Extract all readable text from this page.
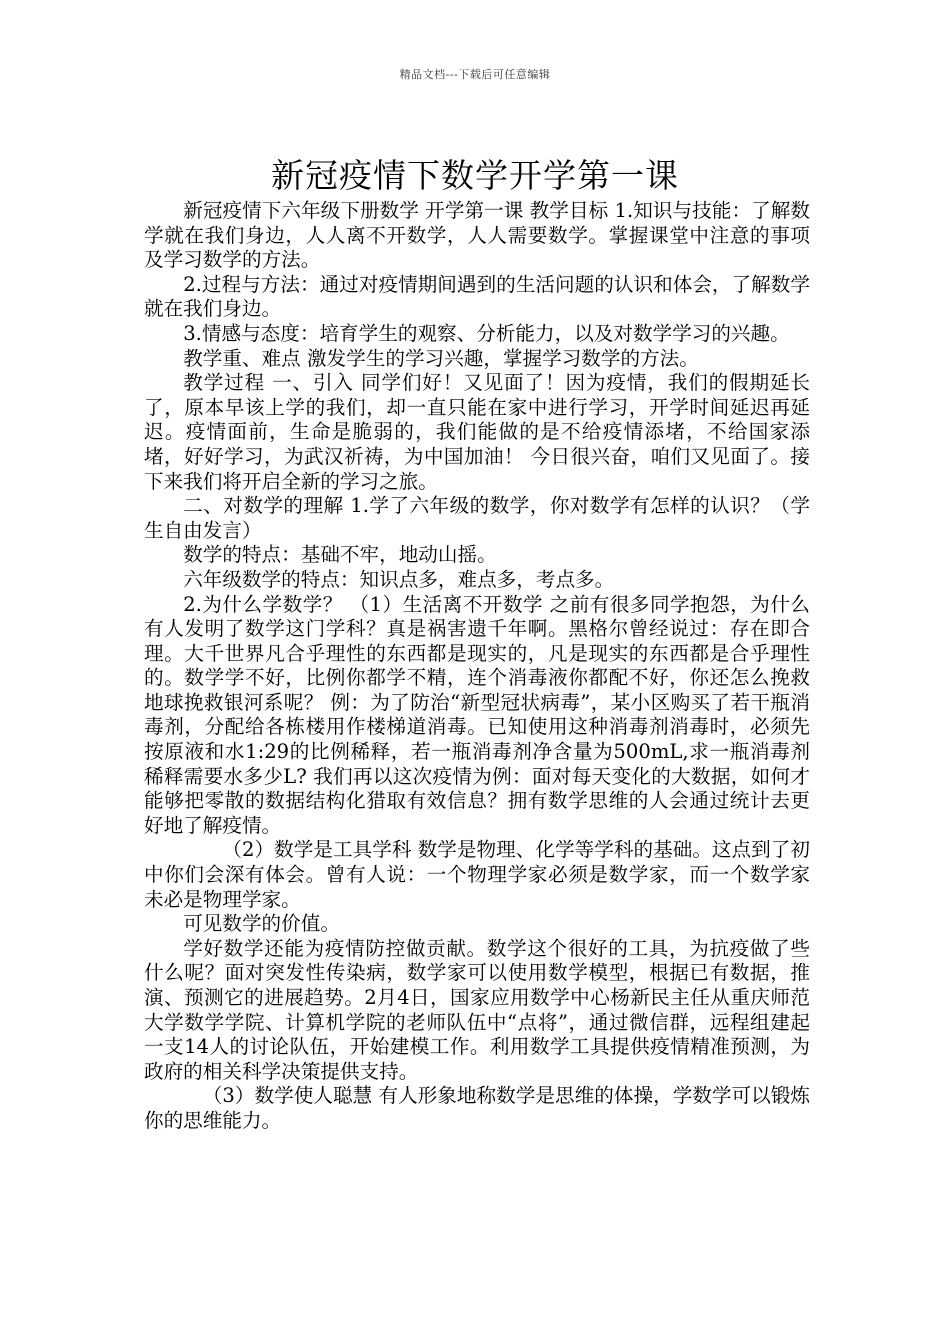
精品文档---下载后可任意编辑
新冠疫情下数学开学第一课

新冠疫情下六年级下册数学 开学第一课 教学目标 1.知识与技能：了解数学就在我们身边，人人离不开数学，人人需要数学。掌握课堂中注意的事项及学习数学的方法。

2.过程与方法：通过对疫情期间遇到的生活问题的认识和体会，了解数学就在我们身边。

3.情感与态度：培育学生的观察、分析能力，以及对数学学习的兴趣。

教学重、难点 激发学生的学习兴趣，掌握学习数学的方法。

教学过程 一、引入 同学们好！又见面了！因为疫情，我们的假期延长了，原本早该上学的我们，却一直只能在家中进行学习，开学时间延迟再延迟。疫情面前，生命是脆弱的，我们能做的是不给疫情添堵，不给国家添堵，好好学习，为武汉祈祷，为中国加油！ 今日很兴奋，咱们又见面了。接下来我们将开启全新的学习之旅。

二、对数学的理解 1.学了六年级的数学，你对数学有怎样的认识？（学生自由发言）

数学的特点：基础不牢，地动山摇。

六年级数学的特点：知识点多，难点多，考点多。

2.为什么学数学？ （1）生活离不开数学 之前有很多同学抱怨，为什么有人发明了数学这门学科？真是祸害遗千年啊。黑格尔曾经说过：存在即合理。大千世界凡合乎理性的东西都是现实的，凡是现实的东西都是合乎理性的。数学学不好，比例你都学不精，连个消毒液你都配不好，你还怎么挽救地球挽救银河系呢？ 例：为了防治“新型冠状病毒”，某小区购买了若干瓶消毒剂，分配给各栋楼用作楼梯道消毒。已知使用这种消毒剂消毒时，必须先按原液和水1:29的比例稀释，若一瓶消毒剂净含量为500mL,求一瓶消毒剂稀释需要水多少L? 我们再以这次疫情为例：面对每天变化的大数据，如何才能够把零散的数据结构化猎取有效信息？拥有数学思维的人会通过统计去更好地了解疫情。

（2）数学是工具学科 数学是物理、化学等学科的基础。这点到了初中你们会深有体会。曾有人说：一个物理学家必须是数学家，而一个数学家未必是物理学家。

可见数学的价值。

学好数学还能为疫情防控做贡献。数学这个很好的工具，为抗疫做了些什么呢？面对突发性传染病，数学家可以使用数学模型，根据已有数据，推演、预测它的进展趋势。2月4日，国家应用数学中心杨新民主任从重庆师范大学数学学院、计算机学院的老师队伍中“点将”，通过微信群，远程组建起一支14人的讨论队伍，开始建模工作。利用数学工具提供疫情精准预测，为政府的相关科学决策提供支持。

（3）数学使人聪慧 有人形象地称数学是思维的体操，学数学可以锻炼你的思维能力。
